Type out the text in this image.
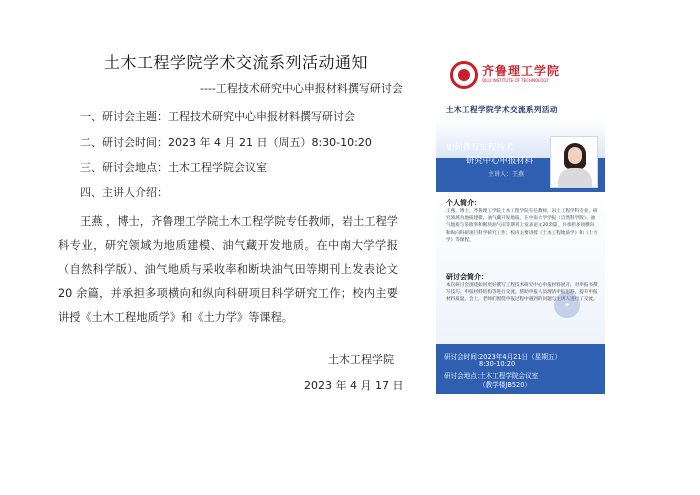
土木工程学院学术交流系列活动通知
----工程技术研究中心申报材料撰写研讨会
一、研讨会主题：工程技术研究中心申报材料撰写研讨会
二、研讨会时间：2023 年 4 月 21 日（周五）8:30-10:20
三、研讨会地点：土木工程学院会议室
四、主讲人介绍：
王燕 ，博士，齐鲁理工学院土木工程学院专任教师，岩土工程学科专业，研究领域为地质建模、油气藏开发地质。在中南大学学报（自然科学版）、油气地质与采收率和断块油气田等期刊上发表论文 20 余篇，并承担多项横向和纵向科研项目科学研究工作；校内主要讲授《土木工程地质学》和《土力学》等课程。
土木工程学院
2023 年 4 月 17 日
齐鲁理工学院
QILU INSTITUTE OF TECHNOLOGY
土木工程学院学术交流系列活动
如何撰写工程技术
研究中心申报材料
主讲人：王燕
个人简介：
王燕，博士，齐鲁理工学院土木工程学院专任教师，岩土工程学科专业，研究领域为地质建模、油气藏开发地质。在中南大学学报（自然科学版）、油气地质与采收率和断块油气田等期刊上发表论文20余篇，并承担多项横向和纵向科研项目科学研究工作；校内主要讲授《土木工程地质学》和《土力学》等课程。
研讨会简介：
本次研讨会围绕如何更好撰写工程技术研究中心申报材料展开，对申报书撰写技巧、申报材料结构等进行交流，帮助申报人员理清申报思路，提升申报材料质量。会上，老师们围绕申报过程中遇到的问题与主讲人进行了交流。
✦
研讨会时间：
2023年4月21日（星期五）
8:30-10:20
研讨会地点：
土木工程学院会议室
（教学楼JB520）
